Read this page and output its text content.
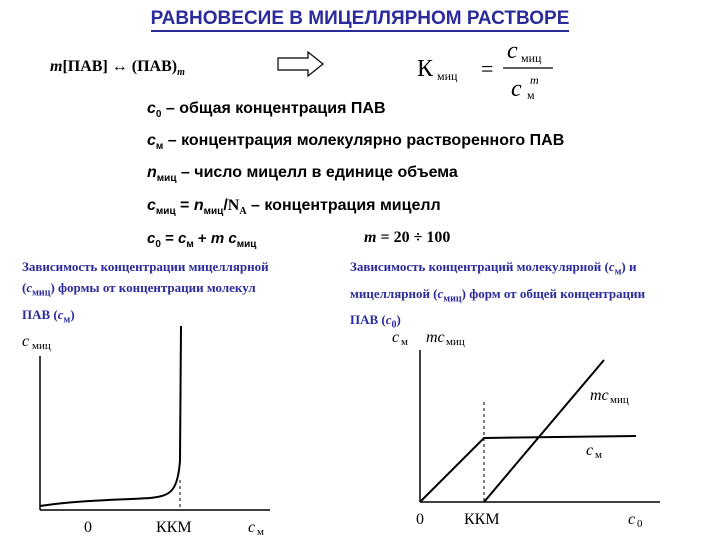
РАВНОВЕСИЕ В МИЦЕЛЛЯРНОМ РАСТВОРЕ
m[ПАВ] ↔ $(ПАВ)_m$	К миц =
с миц
с м
m
$c_0$ – общая концентрация ПАВ
$c_м$ – концентрация молекулярно растворенного ПАВ
$n_{миц}$ – число мицелл в единице объема
$c_{миц} = n_{миц}/N_A$ – концентрация мицелл
$c_0 = c_м + m$ $c_{миц}$	m = 20 ÷ 100
Зависимость концентрации мицеллярной
$(c_{миц})$ формы от концентрации молекул
ПАВ $(c_м)$
Зависимость концентраций молекулярной $(c_м)$ и
мицеллярной $(c_{миц})$ форм от общей концентрации
ПАВ $(c_0)$
c миц
0	ККМ	c м
c м mc миц
mc миц
c м
0	ККМ	c 0
